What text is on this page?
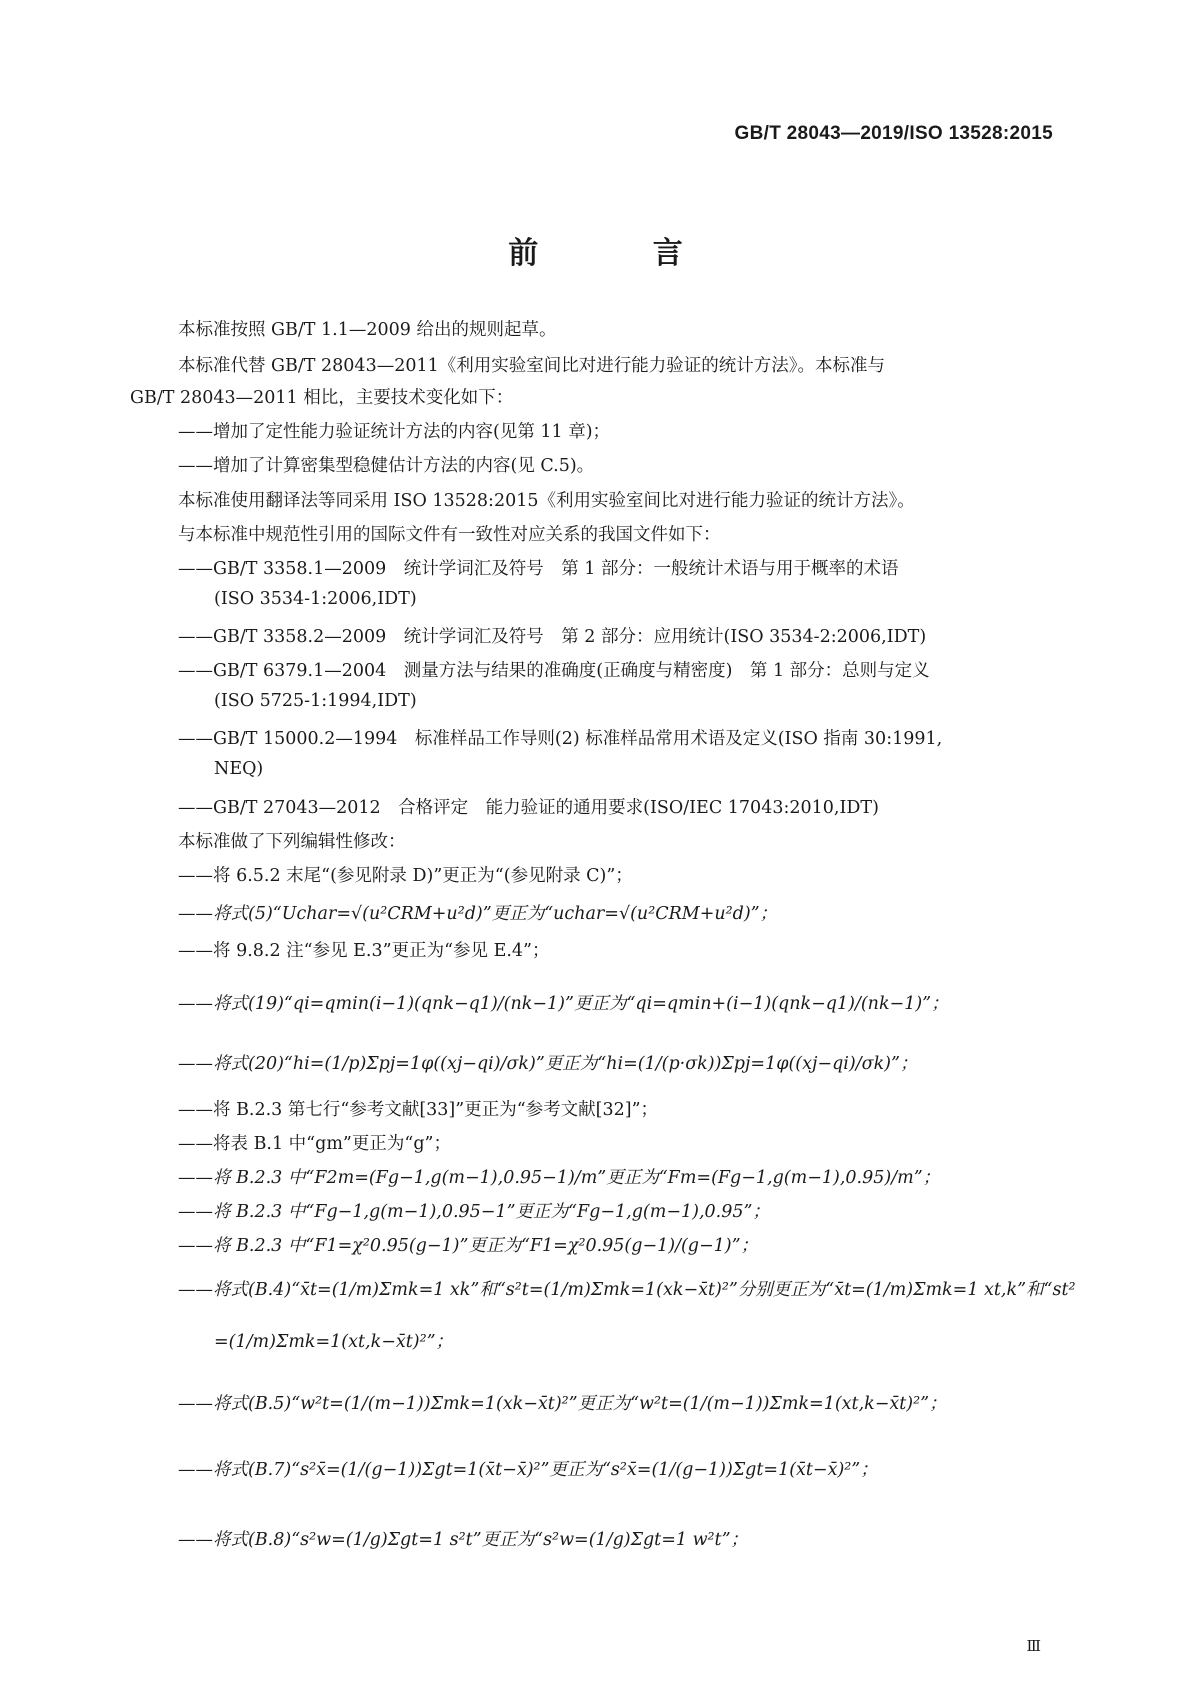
GB/T 28043—2019/ISO 13528:2015
前 言
本标准按照 GB/T 1.1—2009 给出的规则起草。
本标准代替 GB/T 28043—2011《利用实验室间比对进行能力验证的统计方法》。本标准与
GB/T 28043—2011 相比，主要技术变化如下：
——增加了定性能力验证统计方法的内容(见第 11 章)；
——增加了计算密集型稳健估计方法的内容(见 C.5)。
本标准使用翻译法等同采用 ISO 13528:2015《利用实验室间比对进行能力验证的统计方法》。
与本标准中规范性引用的国际文件有一致性对应关系的我国文件如下：
——GB/T 3358.1—2009　统计学词汇及符号　第 1 部分：一般统计术语与用于概率的术语
(ISO 3534-1:2006,IDT)
——GB/T 3358.2—2009　统计学词汇及符号　第 2 部分：应用统计(ISO 3534-2:2006,IDT)
——GB/T 6379.1—2004　测量方法与结果的准确度(正确度与精密度)　第 1 部分：总则与定义
(ISO 5725-1:1994,IDT)
——GB/T 15000.2—1994　标准样品工作导则(2) 标准样品常用术语及定义(ISO 指南 30:1991,
NEQ)
——GB/T 27043—2012　合格评定　能力验证的通用要求(ISO/IEC 17043:2010,IDT)
本标准做了下列编辑性修改：
——将 6.5.2 末尾“(参见附录 D)”更正为“(参见附录 C)”；
——将式(5)“Uchar=√(u²CRM+u²d)”更正为“uchar=√(u²CRM+u²d)”；
——将 9.8.2 注“参见 E.3”更正为“参见 E.4”；
——将式(19)“qi=qmin(i−1)(qnk−q1)/(nk−1)”更正为“qi=qmin+(i−1)(qnk−q1)/(nk−1)”；
——将式(20)“hi=(1/p)Σpj=1φ((xj−qi)/σk)”更正为“hi=(1/(p·σk))Σpj=1φ((xj−qi)/σk)”；
——将 B.2.3 第七行“参考文献[33]”更正为“参考文献[32]”；
——将表 B.1 中“gm”更正为“g”；
——将 B.2.3 中“F2m=(Fg−1,g(m−1),0.95−1)/m”更正为“Fm=(Fg−1,g(m−1),0.95)/m”；
——将 B.2.3 中“Fg−1,g(m−1),0.95−1”更正为“Fg−1,g(m−1),0.95”；
——将 B.2.3 中“F1=χ²0.95(g−1)”更正为“F1=χ²0.95(g−1)/(g−1)”；
——将式(B.4)“x̄t=(1/m)Σmk=1 xk”和“s²t=(1/m)Σmk=1(xk−x̄t)²”分别更正为“x̄t=(1/m)Σmk=1 xt,k”和“st²
=(1/m)Σmk=1(xt,k−x̄t)²”；
——将式(B.5)“w²t=(1/(m−1))Σmk=1(xk−x̄t)²”更正为“w²t=(1/(m−1))Σmk=1(xt,k−x̄t)²”；
——将式(B.7)“s²x̄=(1/(g−1))Σgt=1(x̄t−x̄)²”更正为“s²x̄=(1/(g−1))Σgt=1(x̄t−x̄)²”；
——将式(B.8)“s²w=(1/g)Σgt=1 s²t”更正为“s²w=(1/g)Σgt=1 w²t”；
Ⅲ
